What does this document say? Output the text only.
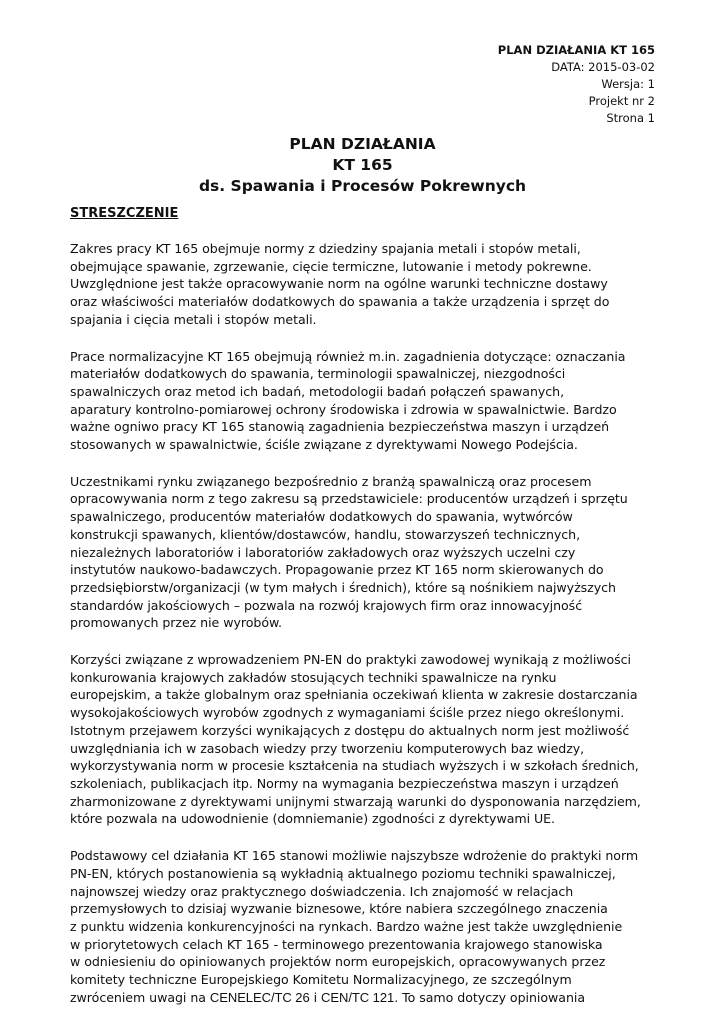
PLAN DZIAŁANIA KT 165
DATA: 2015-03-02
Wersja: 1
Projekt nr 2
Strona 1
PLAN DZIAŁANIA
KT 165
ds. Spawania i Procesów Pokrewnych
STRESZCZENIE

Zakres pracy KT 165 obejmuje normy z dziedziny spajania metali i stopów metali,
obejmujące spawanie, zgrzewanie, cięcie termiczne, lutowanie i metody pokrewne.
Uwzględnione jest także opracowywanie norm na ogólne warunki techniczne dostawy
oraz właściwości materiałów dodatkowych do spawania a także urządzenia i sprzęt do
spajania i cięcia metali i stopów metali.

Prace normalizacyjne KT 165 obejmują również m.in. zagadnienia dotyczące: oznaczania
materiałów dodatkowych do spawania, terminologii spawalniczej, niezgodności
spawalniczych oraz metod ich badań, metodologii badań połączeń spawanych,
aparatury kontrolno-pomiarowej ochrony środowiska i zdrowia w spawalnictwie. Bardzo
ważne ogniwo pracy KT 165 stanowią zagadnienia bezpieczeństwa maszyn i urządzeń
stosowanych w spawalnictwie, ściśle związane z dyrektywami Nowego Podejścia.

Uczestnikami rynku związanego bezpośrednio z branżą spawalniczą oraz procesem
opracowywania norm z tego zakresu są przedstawiciele: producentów urządzeń i sprzętu
spawalniczego, producentów materiałów dodatkowych do spawania, wytwórców
konstrukcji spawanych, klientów/dostawców, handlu, stowarzyszeń technicznych,
niezależnych laboratoriów i laboratoriów zakładowych oraz wyższych uczelni czy
instytutów naukowo-badawczych. Propagowanie przez KT 165 norm skierowanych do
przedsiębiorstw/organizacji (w tym małych i średnich), które są nośnikiem najwyższych
standardów jakościowych – pozwala na rozwój krajowych firm oraz innowacyjność
promowanych przez nie wyrobów.

Korzyści związane z wprowadzeniem PN-EN do praktyki zawodowej wynikają z możliwości
konkurowania krajowych zakładów stosujących techniki spawalnicze na rynku
europejskim, a także globalnym oraz spełniania oczekiwań klienta w zakresie dostarczania
wysokojakościowych wyrobów zgodnych z wymaganiami ściśle przez niego określonymi.
Istotnym przejawem korzyści wynikających z dostępu do aktualnych norm jest możliwość
uwzględniania ich w zasobach wiedzy przy tworzeniu komputerowych baz wiedzy,
wykorzystywania norm w procesie kształcenia na studiach wyższych i w szkołach średnich,
szkoleniach, publikacjach itp. Normy na wymagania bezpieczeństwa maszyn i urządzeń
zharmonizowane z dyrektywami unijnymi stwarzają warunki do dysponowania narzędziem,
które pozwala na udowodnienie (domniemanie) zgodności z dyrektywami UE.

Podstawowy cel działania KT 165 stanowi możliwie najszybsze wdrożenie do praktyki norm
PN-EN, których postanowienia są wykładnią aktualnego poziomu techniki spawalniczej,
najnowszej wiedzy oraz praktycznego doświadczenia. Ich znajomość w relacjach
przemysłowych to dzisiaj wyzwanie biznesowe, które nabiera szczególnego znaczenia
z punktu widzenia konkurencyjności na rynkach. Bardzo ważne jest także uwzględnienie
w priorytetowych celach KT 165 - terminowego prezentowania krajowego stanowiska
w odniesieniu do opiniowanych projektów norm europejskich, opracowywanych przez
komitety techniczne Europejskiego Komitetu Normalizacyjnego, ze szczególnym
zwróceniem uwagi na CENELEC/TC 26 i CEN/TC 121. To samo dotyczy opiniowania
